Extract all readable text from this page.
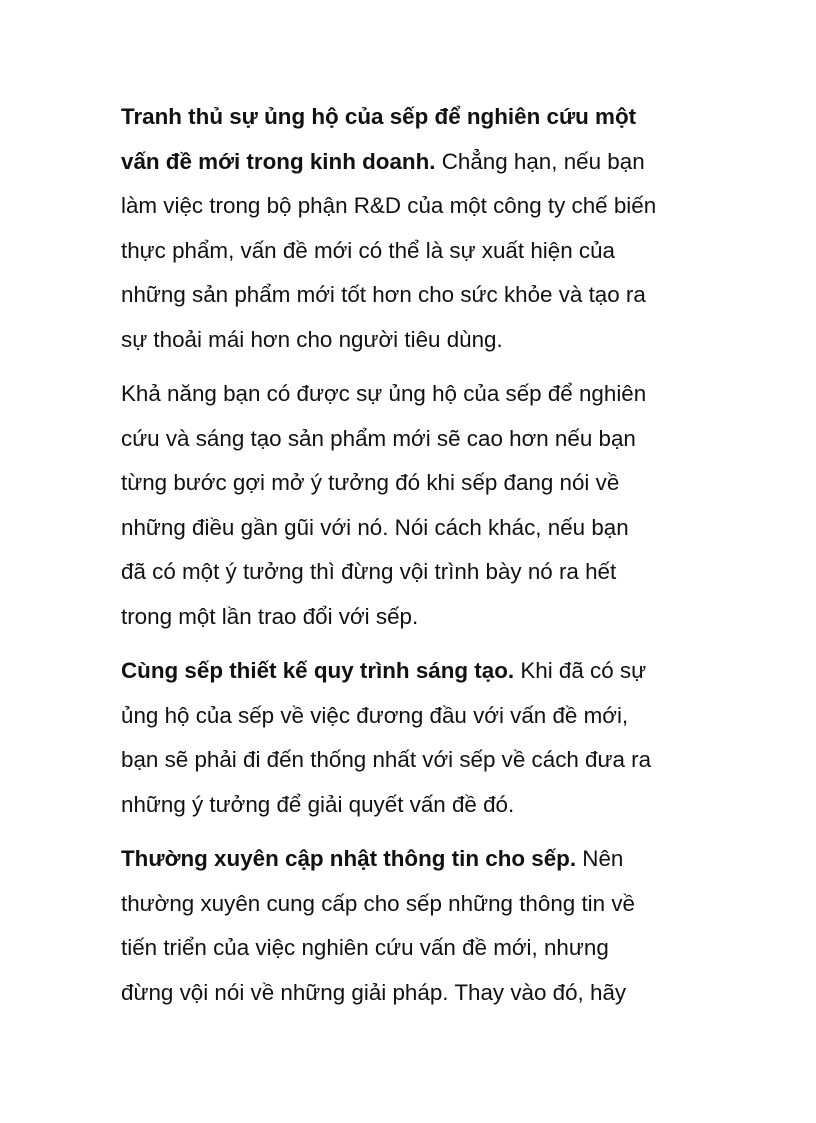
Tranh thủ sự ủng hộ của sếp để nghiên cứu một
vấn đề mới trong kinh doanh. Chẳng hạn, nếu bạn
làm việc trong bộ phận R&D của một công ty chế biến
thực phẩm, vấn đề mới có thể là sự xuất hiện của
những sản phẩm mới tốt hơn cho sức khỏe và tạo ra
sự thoải mái hơn cho người tiêu dùng.

Khả năng bạn có được sự ủng hộ của sếp để nghiên
cứu và sáng tạo sản phẩm mới sẽ cao hơn nếu bạn
từng bước gợi mở ý tưởng đó khi sếp đang nói về
những điều gần gũi với nó. Nói cách khác, nếu bạn
đã có một ý tưởng thì đừng vội trình bày nó ra hết
trong một lần trao đổi với sếp.

Cùng sếp thiết kế quy trình sáng tạo. Khi đã có sự
ủng hộ của sếp về việc đương đầu với vấn đề mới,
bạn sẽ phải đi đến thống nhất với sếp về cách đưa ra
những ý tưởng để giải quyết vấn đề đó.

Thường xuyên cập nhật thông tin cho sếp. Nên
thường xuyên cung cấp cho sếp những thông tin về
tiến triển của việc nghiên cứu vấn đề mới, nhưng
đừng vội nói về những giải pháp. Thay vào đó, hãy
